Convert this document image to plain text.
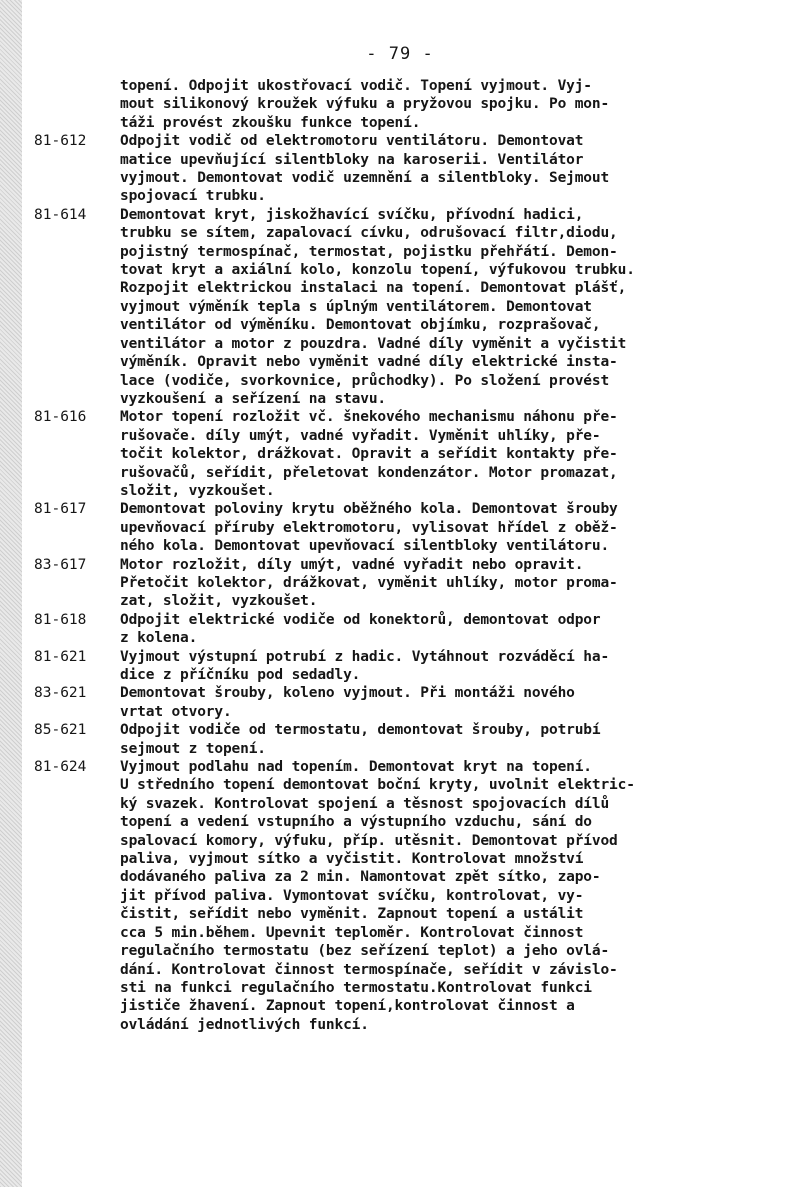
- 79 -
topení. Odpojit ukostřovací vodič. Topení vyjmout. Vyj-
mout silikonový kroužek výfuku a pryžovou spojku. Po mon-
táži provést zkoušku funkce topení.
81-612	Odpojit vodič od elektromotoru ventilátoru. Demontovat
matice upevňující silentbloky na karoserii. Ventilátor
vyjmout. Demontovat vodič uzemnění a silentbloky. Sejmout
spojovací trubku.
81-614	Demontovat kryt, jiskožhavící svíčku, přívodní hadici,
trubku se sítem, zapalovací cívku, odrušovací filtr,diodu,
pojistný termospínač, termostat, pojistku přehřátí. Demon-
tovat kryt a axiální kolo, konzolu topení, výfukovou trubku.
Rozpojit elektrickou instalaci na topení. Demontovat plášť,
vyjmout výměník tepla s úplným ventilátorem. Demontovat
ventilátor od výměníku. Demontovat objímku, rozprašovač,
ventilátor a motor z pouzdra. Vadné díly vyměnit a vyčistit
výměník. Opravit nebo vyměnit vadné díly elektrické insta-
lace (vodiče, svorkovnice, průchodky). Po složení provést
vyzkoušení a seřízení na stavu.
81-616	Motor topení rozložit vč. šnekového mechanismu náhonu pře-
rušovače. díly umýt, vadné vyřadit. Vyměnit uhlíky, pře-
točit kolektor, drážkovat. Opravit a seřídit kontakty pře-
rušovačů, seřídit, přeletovat kondenzátor. Motor promazat,
složit, vyzkoušet.
81-617	Demontovat poloviny krytu oběžného kola. Demontovat šrouby
upevňovací příruby elektromotoru, vylisovat hřídel z oběž-
ného kola. Demontovat upevňovací silentbloky ventilátoru.
83-617	Motor rozložit, díly umýt, vadné vyřadit nebo opravit.
Přetočit kolektor, drážkovat, vyměnit uhlíky, motor proma-
zat, složit, vyzkoušet.
81-618	Odpojit elektrické vodiče od konektorů, demontovat odpor
z kolena.
81-621	Vyjmout výstupní potrubí z hadic. Vytáhnout rozváděcí ha-
dice z příčníku pod sedadly.
83-621	Demontovat šrouby, koleno vyjmout. Při montáži nového
vrtat otvory.
85-621	Odpojit vodiče od termostatu, demontovat šrouby, potrubí
sejmout z topení.
81-624	Vyjmout podlahu nad topením. Demontovat kryt na topení.
U středního topení demontovat boční kryty, uvolnit elektric-
ký svazek. Kontrolovat spojení a těsnost spojovacích dílů
topení a vedení vstupního a výstupního vzduchu, sání do
spalovací komory, výfuku, příp. utěsnit. Demontovat přívod
paliva, vyjmout sítko a vyčistit. Kontrolovat množství
dodávaného paliva za 2 min. Namontovat zpět sítko, zapo-
jit přívod paliva. Vymontovat svíčku, kontrolovat, vy-
čistit, seřídit nebo vyměnit. Zapnout topení a ustálit
cca 5 min.během. Upevnit teploměr. Kontrolovat činnost
regulačního termostatu (bez seřízení teplot) a jeho ovlá-
dání. Kontrolovat činnost termospínače, seřídit v závislo-
sti na funkci regulačního termostatu.Kontrolovat funkci
jističe žhavení. Zapnout topení,kontrolovat činnost a
ovládání jednotlivých funkcí.
